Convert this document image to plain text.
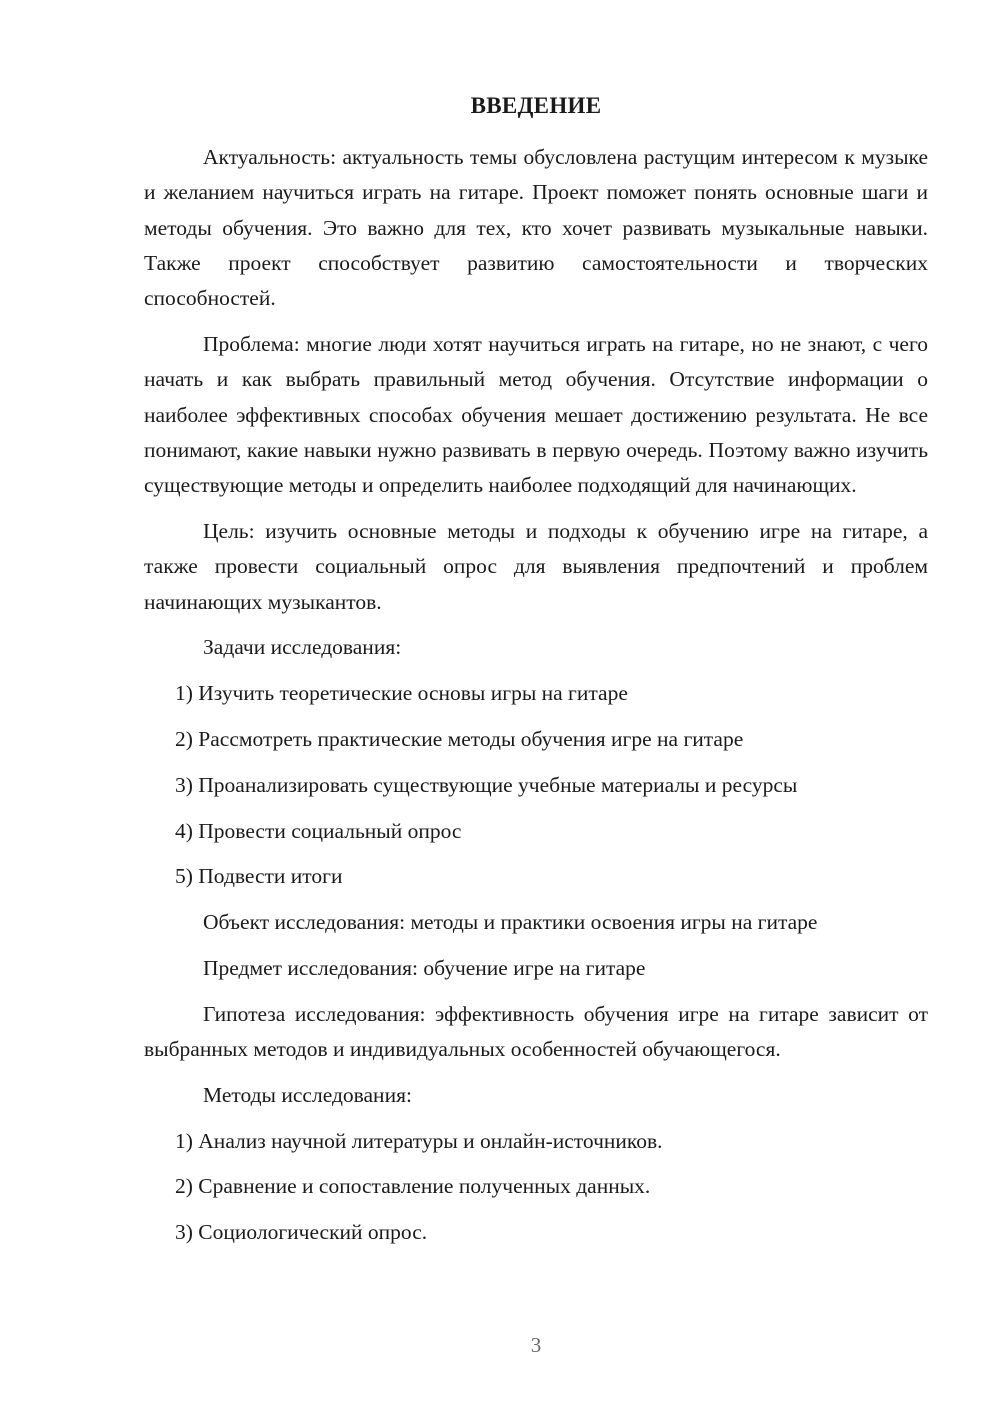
ВВЕДЕНИЕ

Актуальность: актуальность темы обусловлена растущим интересом к музыке и желанием научиться играть на гитаре. Проект поможет понять основные шаги и методы обучения. Это важно для тех, кто хочет развивать музыкальные навыки. Также проект способствует развитию самостоятельности и творческих способностей.

Проблема: многие люди хотят научиться играть на гитаре, но не знают, с чего начать и как выбрать правильный метод обучения. Отсутствие информации о наиболее эффективных способах обучения мешает достижению результата. Не все понимают, какие навыки нужно развивать в первую очередь. Поэтому важно изучить существующие методы и определить наиболее подходящий для начинающих.

Цель: изучить основные методы и подходы к обучению игре на гитаре, а также провести социальный опрос для выявления предпочтений и проблем начинающих музыкантов.

Задачи исследования:
1) Изучить теоретические основы игры на гитаре
2) Рассмотреть практические методы обучения игре на гитаре
3) Проанализировать существующие учебные материалы и ресурсы
4) Провести социальный опрос
5) Подвести итоги
Объект исследования: методы и практики освоения игры на гитаре
Предмет исследования: обучение игре на гитаре

Гипотеза исследования: эффективность обучения игре на гитаре зависит от выбранных методов и индивидуальных особенностей обучающегося.

Методы исследования:
1) Анализ научной литературы и онлайн-источников.
2) Сравнение и сопоставление полученных данных.
3) Социологический опрос.
3
